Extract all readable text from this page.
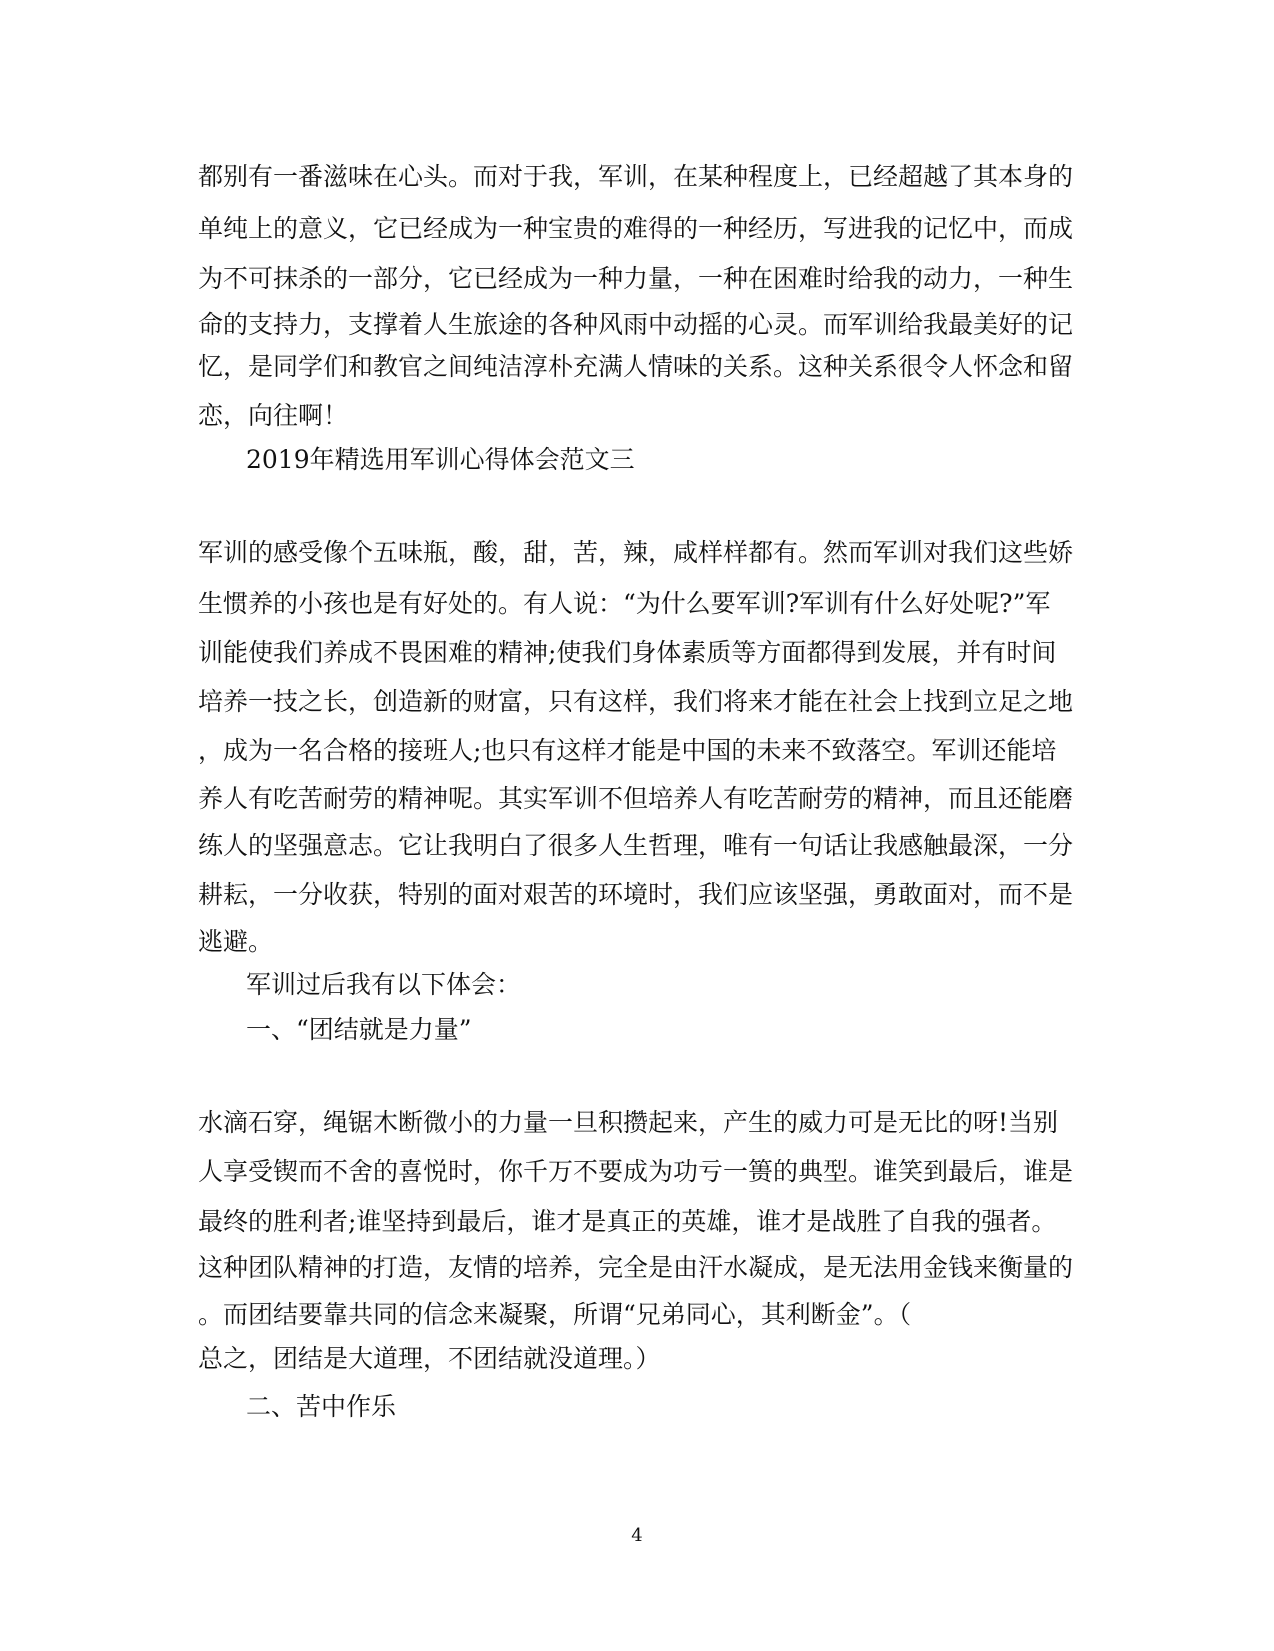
都别有一番滋味在心头。而对于我，军训，在某种程度上，已经超越了其本身的
单纯上的意义，它已经成为一种宝贵的难得的一种经历，写进我的记忆中，而成
为不可抹杀的一部分，它已经成为一种力量，一种在困难时给我的动力，一种生
命的支持力，支撑着人生旅途的各种风雨中动摇的心灵。而军训给我最美好的记
忆，是同学们和教官之间纯洁淳朴充满人情味的关系。这种关系很令人怀念和留
恋，向往啊！
2019年精选用军训心得体会范文三
军训的感受像个五味瓶，酸，甜，苦，辣，咸样样都有。然而军训对我们这些娇
生惯养的小孩也是有好处的。有人说：“为什么要军训?军训有什么好处呢?”军
训能使我们养成不畏困难的精神;使我们身体素质等方面都得到发展，并有时间
培养一技之长，创造新的财富，只有这样，我们将来才能在社会上找到立足之地
，成为一名合格的接班人;也只有这样才能是中国的未来不致落空。军训还能培
养人有吃苦耐劳的精神呢。其实军训不但培养人有吃苦耐劳的精神，而且还能磨
练人的坚强意志。它让我明白了很多人生哲理，唯有一句话让我感触最深，一分
耕耘，一分收获，特别的面对艰苦的环境时，我们应该坚强，勇敢面对，而不是
逃避。
军训过后我有以下体会：
一、“团结就是力量”
水滴石穿，绳锯木断微小的力量一旦积攒起来，产生的威力可是无比的呀!当别
人享受锲而不舍的喜悦时，你千万不要成为功亏一篑的典型。谁笑到最后，谁是
最终的胜利者;谁坚持到最后，谁才是真正的英雄，谁才是战胜了自我的强者。
这种团队精神的打造，友情的培养，完全是由汗水凝成，是无法用金钱来衡量的
。而团结要靠共同的信念来凝聚，所谓“兄弟同心，其利断金”。（
总之，团结是大道理，不团结就没道理。）
二、苦中作乐
4
